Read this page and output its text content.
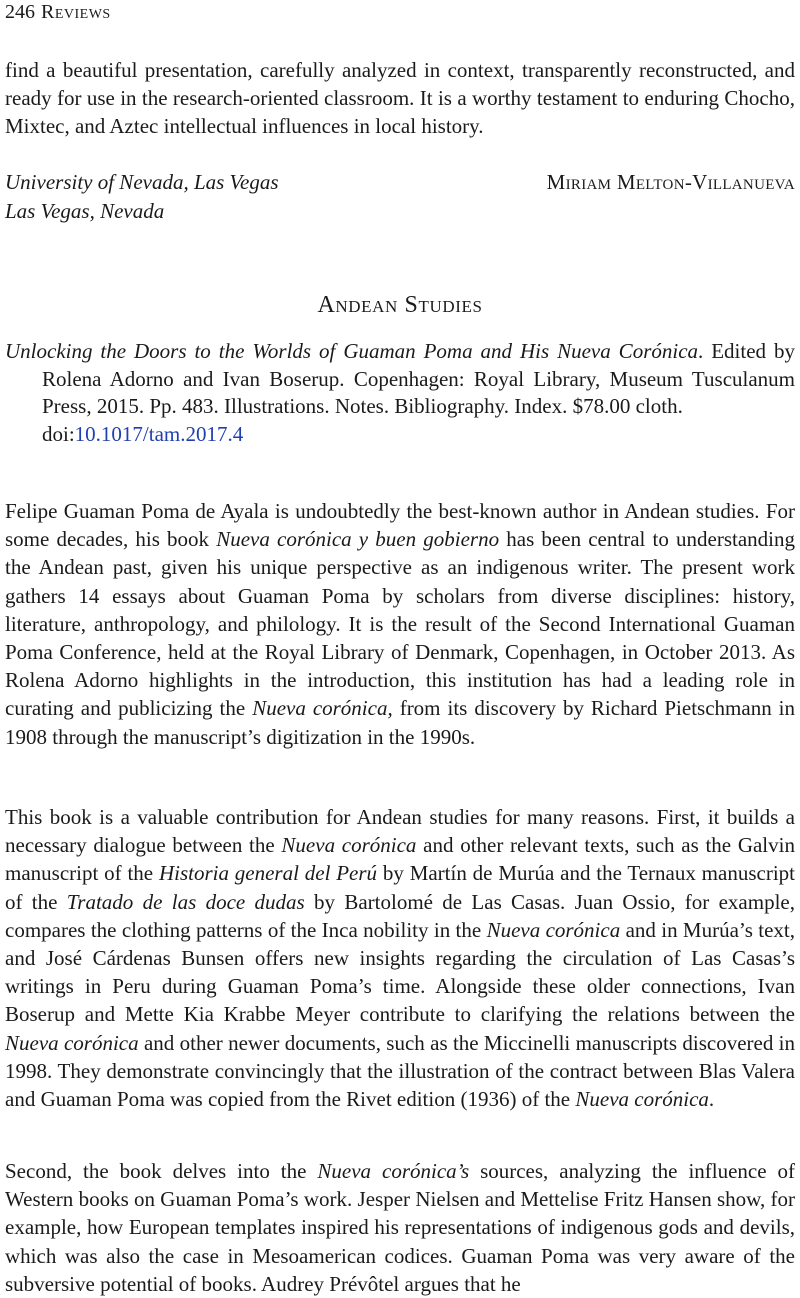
246 Reviews

find a beautiful presentation, carefully analyzed in context, transparently reconstructed, and ready for use in the research-oriented classroom. It is a worthy testament to enduring Chocho, Mixtec, and Aztec intellectual influences in local history.

University of Nevada, Las Vegas
Las Vegas, Nevada
Miriam Melton-Villanueva
Andean Studies

Unlocking the Doors to the Worlds of Guaman Poma and His Nueva Corónica. Edited by Rolena Adorno and Ivan Boserup. Copenhagen: Royal Library, Museum Tusculanum Press, 2015. Pp. 483. Illustrations. Notes. Bibliography. Index. $78.00 cloth.
doi:10.1017/tam.2017.4

Felipe Guaman Poma de Ayala is undoubtedly the best-known author in Andean studies. For some decades, his book Nueva corónica y buen gobierno has been central to understanding the Andean past, given his unique perspective as an indigenous writer. The present work gathers 14 essays about Guaman Poma by scholars from diverse disciplines: history, literature, anthropology, and philology. It is the result of the Second International Guaman Poma Conference, held at the Royal Library of Denmark, Copenhagen, in October 2013. As Rolena Adorno highlights in the introduction, this institution has had a leading role in curating and publicizing the Nueva corónica, from its discovery by Richard Pietschmann in 1908 through the manuscript’s digitization in the 1990s.

This book is a valuable contribution for Andean studies for many reasons. First, it builds a necessary dialogue between the Nueva corónica and other relevant texts, such as the Galvin manuscript of the Historia general del Perú by Martín de Murúa and the Ternaux manuscript of the Tratado de las doce dudas by Bartolomé de Las Casas. Juan Ossio, for example, compares the clothing patterns of the Inca nobility in the Nueva corónica and in Murúa’s text, and José Cárdenas Bunsen offers new insights regarding the circulation of Las Casas’s writings in Peru during Guaman Poma’s time. Alongside these older connections, Ivan Boserup and Mette Kia Krabbe Meyer contribute to clarifying the relations between the Nueva corónica and other newer documents, such as the Miccinelli manuscripts discovered in 1998. They demonstrate convincingly that the illustration of the contract between Blas Valera and Guaman Poma was copied from the Rivet edition (1936) of the Nueva corónica.

Second, the book delves into the Nueva corónica’s sources, analyzing the influence of Western books on Guaman Poma’s work. Jesper Nielsen and Mettelise Fritz Hansen show, for example, how European templates inspired his representations of indigenous gods and devils, which was also the case in Mesoamerican codices. Guaman Poma was very aware of the subversive potential of books. Audrey Prévôtel argues that he
